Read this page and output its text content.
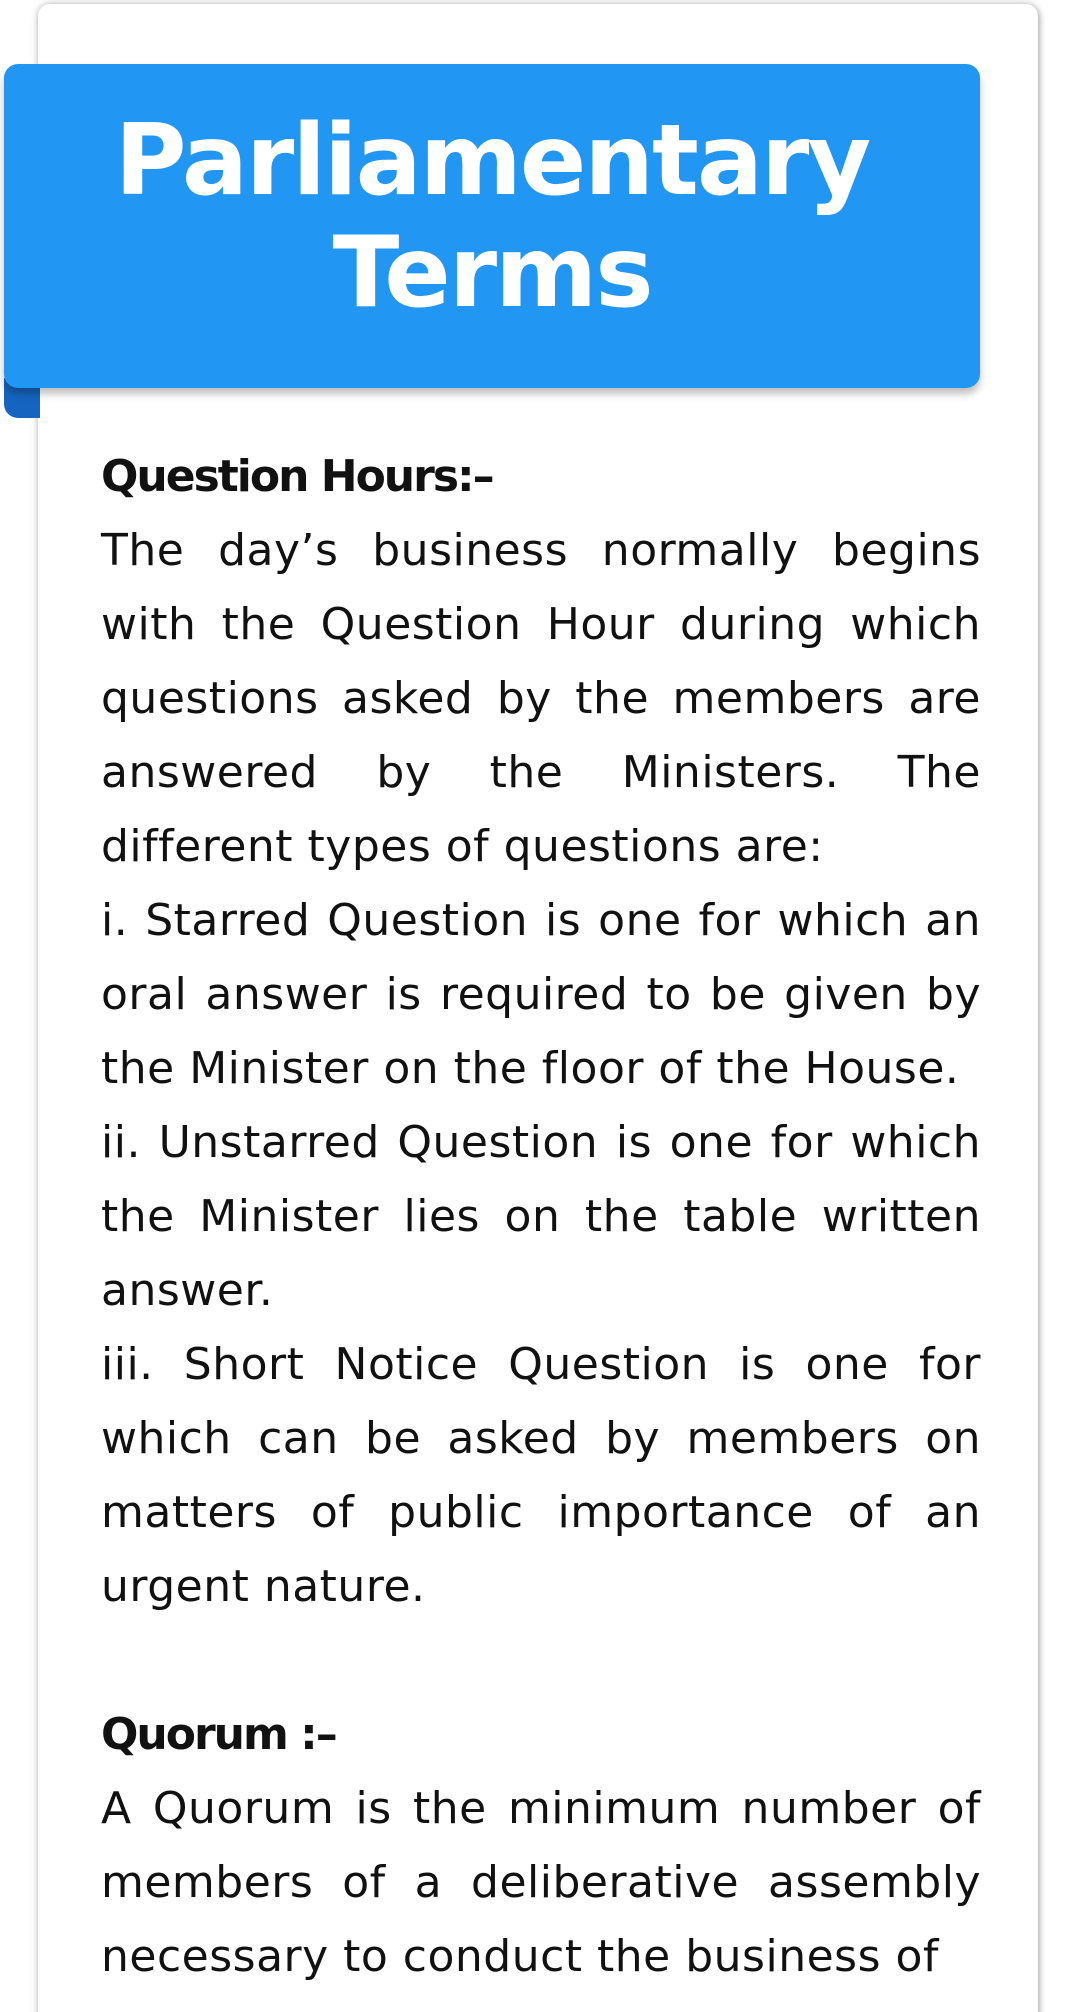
Parliamentary Terms
Question Hours:–

The day’s business normally begins with the Question Hour during which questions asked by the members are answered by the Ministers. The different types of questions are:

i. Starred Question is one for which an oral answer is required to be given by the Minister on the floor of the House.

ii. Unstarred Question is one for which the Minister lies on the table written answer.

iii. Short Notice Question is one for which can be asked by members on matters of public importance of an urgent nature.

Quorum :–

A Quorum is the minimum number of members of a deliberative assembly necessary to conduct the business of
